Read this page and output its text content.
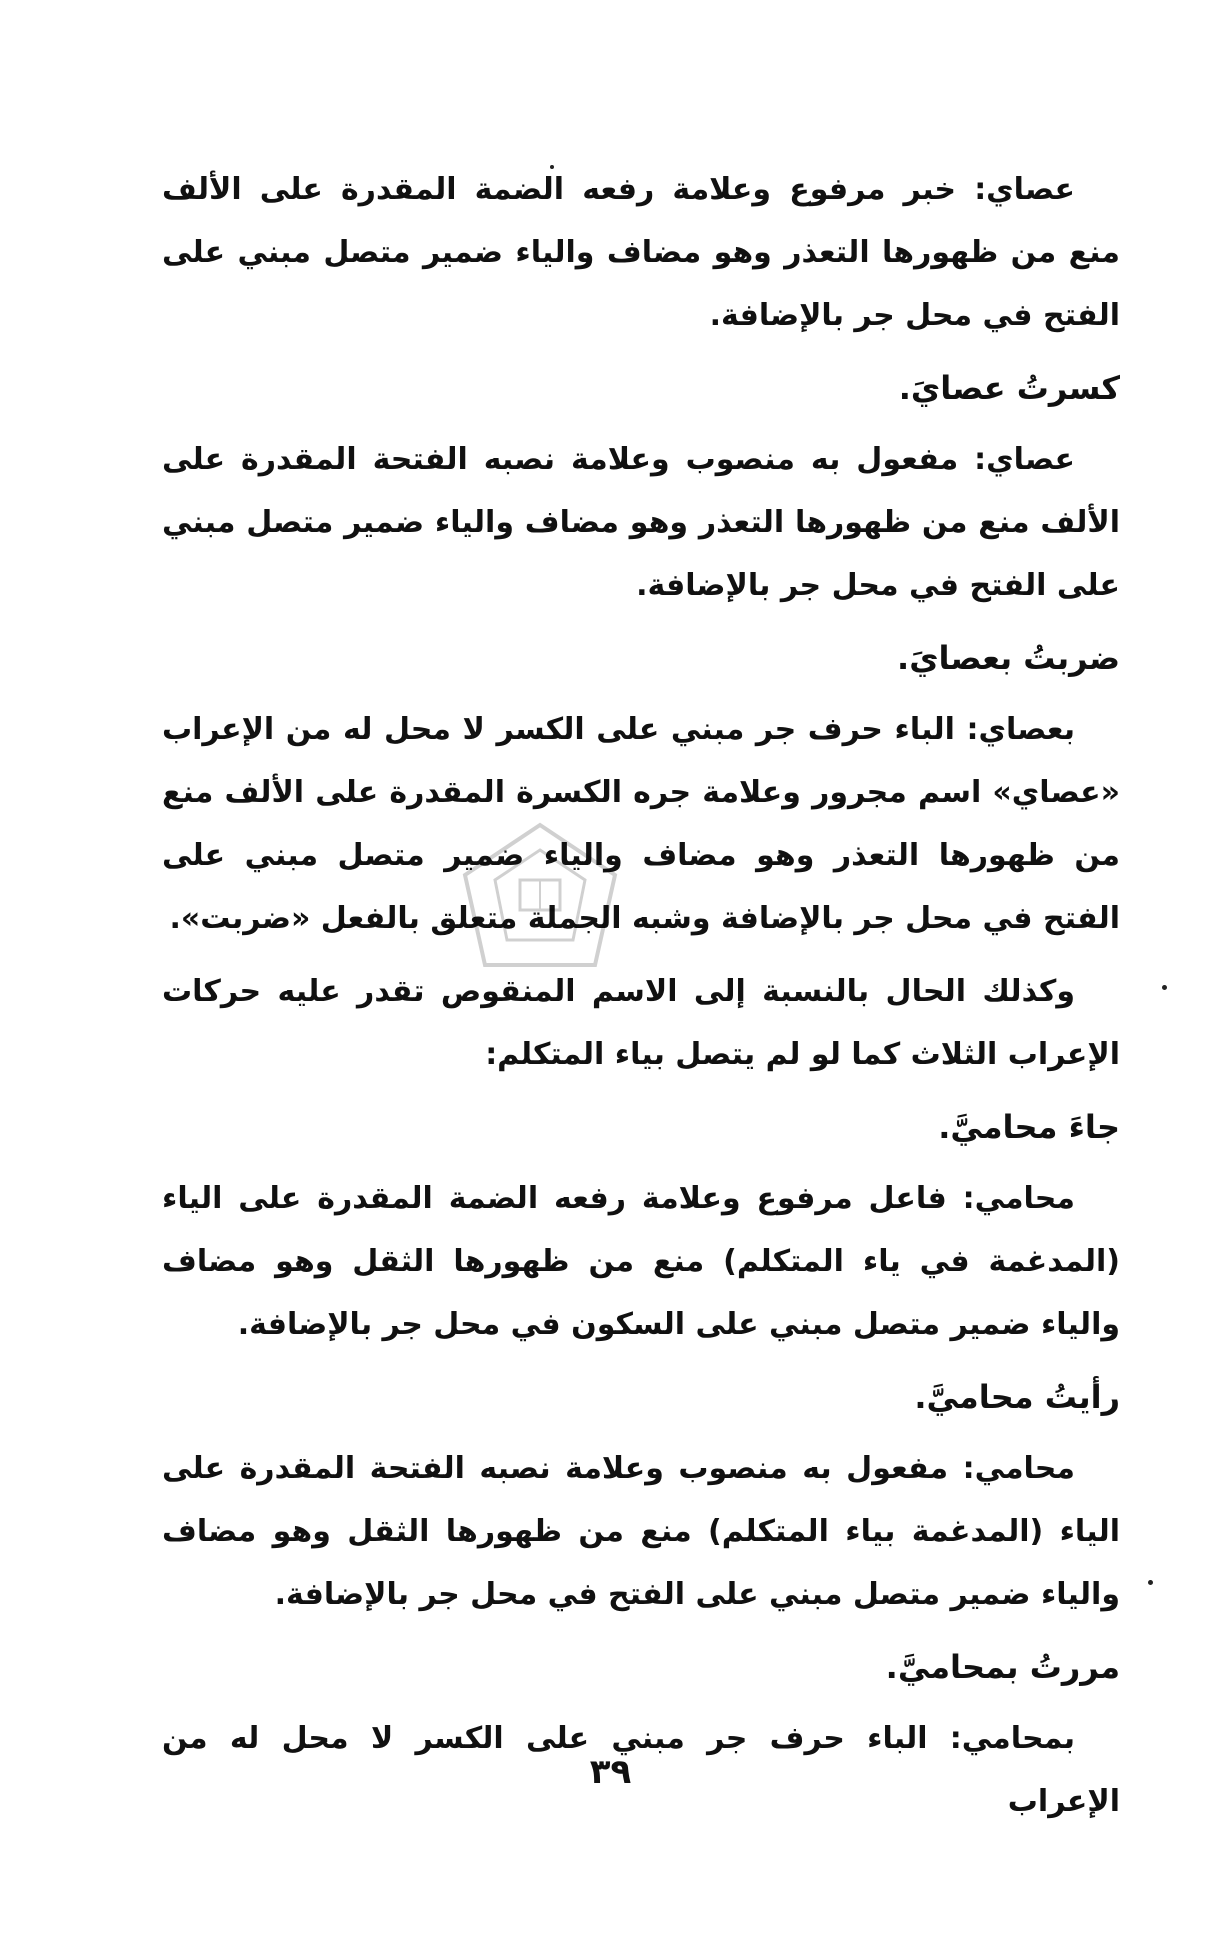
عصاي: خبر مرفوع وعلامة رفعه الضمة المقدرة على الألف منع من ظهورها التعذر وهو مضاف والياء ضمير متصل مبني على الفتح في محل جر بالإضافة.

كسرتُ عصايَ.

عصاي: مفعول به منصوب وعلامة نصبه الفتحة المقدرة على الألف منع من ظهورها التعذر وهو مضاف والياء ضمير متصل مبني على الفتح في محل جر بالإضافة.

ضربتُ بعصايَ.

بعصاي: الباء حرف جر مبني على الكسر لا محل له من الإعراب «عصاي» اسم مجرور وعلامة جره الكسرة المقدرة على الألف منع من ظهورها التعذر وهو مضاف والياء ضمير متصل مبني على الفتح في محل جر بالإضافة وشبه الجملة متعلق بالفعل «ضربت».

وكذلك الحال بالنسبة إلى الاسم المنقوص تقدر عليه حركات الإعراب الثلاث كما لو لم يتصل بياء المتكلم:

جاءَ محاميَّ.

محامي: فاعل مرفوع وعلامة رفعه الضمة المقدرة على الياء (المدغمة في ياء المتكلم) منع من ظهورها الثقل وهو مضاف والياء ضمير متصل مبني على السكون في محل جر بالإضافة.

رأيتُ محاميَّ.

محامي: مفعول به منصوب وعلامة نصبه الفتحة المقدرة على الياء (المدغمة بياء المتكلم) منع من ظهورها الثقل وهو مضاف والياء ضمير متصل مبني على الفتح في محل جر بالإضافة.

مررتُ بمحاميَّ.

بمحامي: الباء حرف جر مبني على الكسر لا محل له من الإعراب

٣٩
